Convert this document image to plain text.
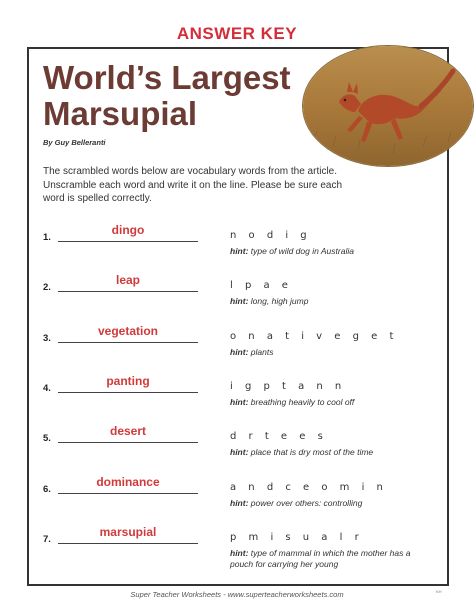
ANSWER KEY
World’s Largest
Marsupial
By Guy Belleranti
The scrambled words below are vocabulary words from the article. Unscramble each word and write it on the line. Please be sure each word is spelled correctly.
1.
dingo	n o d i g
hint: type of wild dog in Australia
2.
leap	l p a e
hint: long, high jump
3.
vegetation	o n a t i v e g e t
hint: plants
4.
panting	i g p t a n n
hint: breathing heavily to cool off
5.
desert	d r t e e s
hint: place that is dry most of the time
6.
dominance	a n d c e o m i n
hint: power over others: controlling
7.
marsupial	p m i s u a l r
hint: type of mammal in which the mother has a pouch for carrying her young
Super Teacher Worksheets - www.superteacherworksheets.com	KH
